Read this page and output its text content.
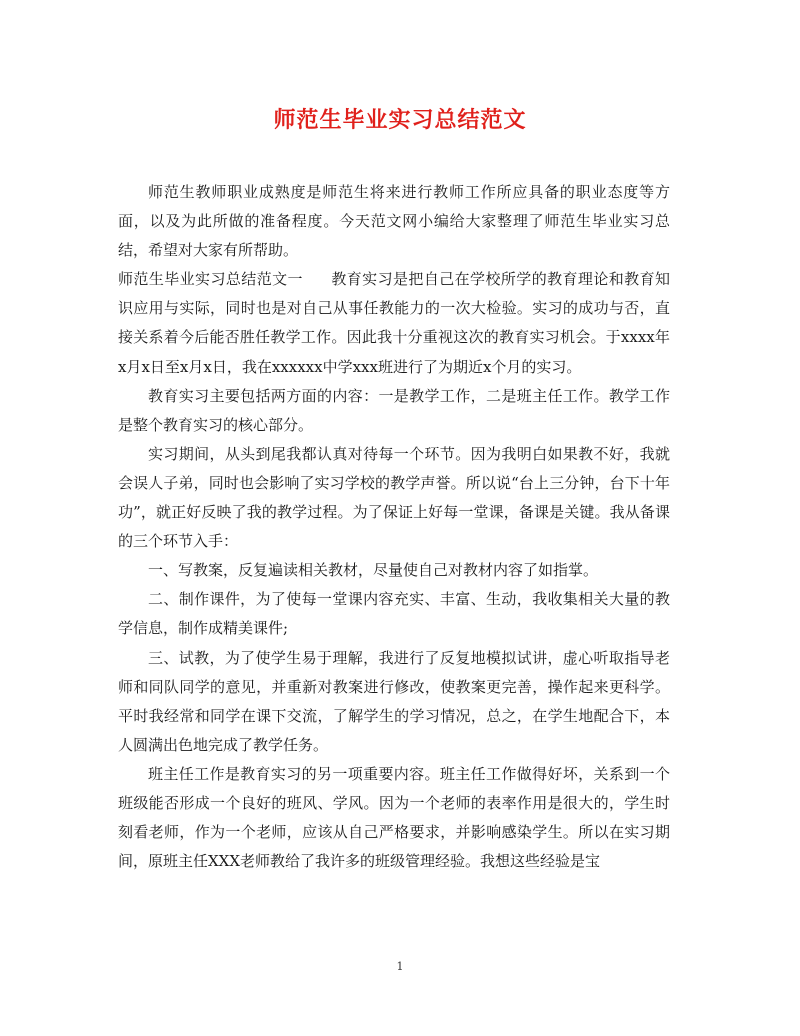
师范生毕业实习总结范文

师范生教师职业成熟度是师范生将来进行教师工作所应具备的职业态度等方面，以及为此所做的准备程度。今天范文网小编给大家整理了师范生毕业实习总结，希望对大家有所帮助。

师范生毕业实习总结范文一 教育实习是把自己在学校所学的教育理论和教育知识应用与实际，同时也是对自己从事任教能力的一次大检验。实习的成功与否，直接关系着今后能否胜任教学工作。因此我十分重视这次的教育实习机会。于xxxx年x月x日至x月x日，我在xxxxxx中学xxx班进行了为期近x个月的实习。

教育实习主要包括两方面的内容：一是教学工作，二是班主任工作。教学工作是整个教育实习的核心部分。

实习期间，从头到尾我都认真对待每一个环节。因为我明白如果教不好，我就会误人子弟，同时也会影响了实习学校的教学声誉。所以说“台上三分钟，台下十年功”，就正好反映了我的教学过程。为了保证上好每一堂课，备课是关键。我从备课的三个环节入手：

一、写教案，反复遍读相关教材，尽量使自己对教材内容了如指掌。

二、制作课件，为了使每一堂课内容充实、丰富、生动，我收集相关大量的教学信息，制作成精美课件;

三、试教，为了使学生易于理解，我进行了反复地模拟试讲，虚心听取指导老师和同队同学的意见，并重新对教案进行修改，使教案更完善，操作起来更科学。平时我经常和同学在课下交流，了解学生的学习情况，总之，在学生地配合下，本人圆满出色地完成了教学任务。

班主任工作是教育实习的另一项重要内容。班主任工作做得好坏，关系到一个班级能否形成一个良好的班风、学风。因为一个老师的表率作用是很大的，学生时刻看老师，作为一个老师，应该从自己严格要求，并影响感染学生。所以在实习期间，原班主任XXX老师教给了我许多的班级管理经验。我想这些经验是宝

1
